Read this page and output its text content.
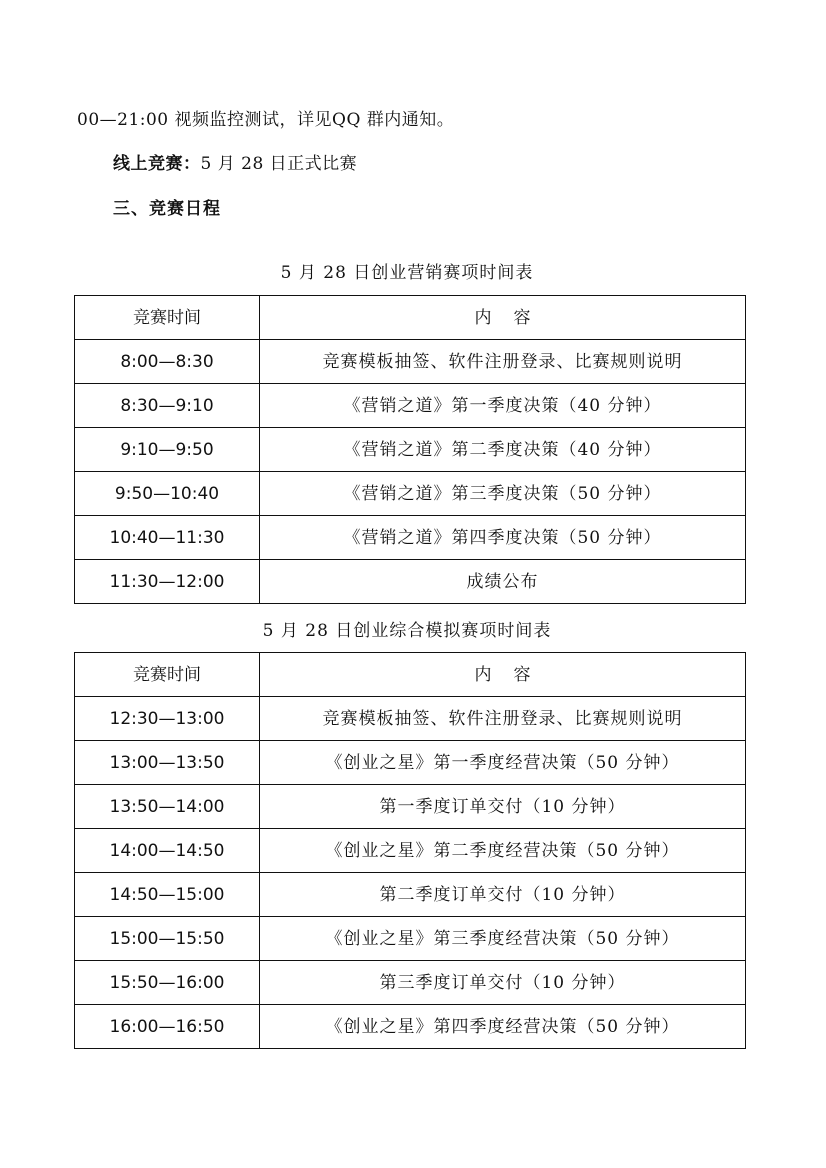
00—21:00 视频监控测试，详见QQ 群内通知。
线上竞赛：5 月 28 日正式比赛
三、竞赛日程
5 月 28 日创业营销赛项时间表
竞赛时间	内容
8:00—8:30	竞赛模板抽签、软件注册登录、比赛规则说明
8:30—9:10	《营销之道》第一季度决策（40 分钟）
9:10—9:50	《营销之道》第二季度决策（40 分钟）
9:50—10:40	《营销之道》第三季度决策（50 分钟）
10:40—11:30	《营销之道》第四季度决策（50 分钟）
11:30—12:00	成绩公布
5 月 28 日创业综合模拟赛项时间表
竞赛时间	内容
12:30—13:00	竞赛模板抽签、软件注册登录、比赛规则说明
13:00—13:50	《创业之星》第一季度经营决策（50 分钟）
13:50—14:00	第一季度订单交付（10 分钟）
14:00—14:50	《创业之星》第二季度经营决策（50 分钟）
14:50—15:00	第二季度订单交付（10 分钟）
15:00—15:50	《创业之星》第三季度经营决策（50 分钟）
15:50—16:00	第三季度订单交付（10 分钟）
16:00—16:50	《创业之星》第四季度经营决策（50 分钟）
